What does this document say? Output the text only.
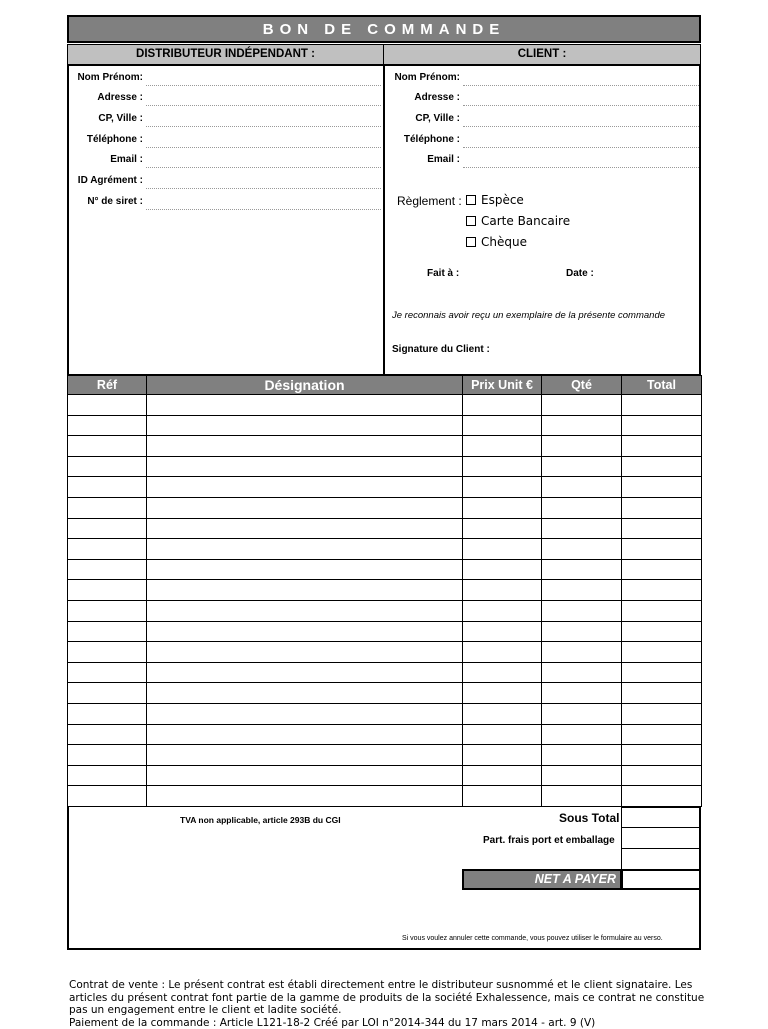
BON DE COMMANDE
DISTRIBUTEUR INDÉPENDANT :	CLIENT :
Nom Prénom:
Adresse :
CP, Ville :
Téléphone :
Email :
ID Agrément :
N° de siret :
Nom Prénom:
Adresse :
CP, Ville :
Téléphone :
Email :
Règlement :	Espèce
Carte Bancaire
Chèque
Fait à :	Date :
Je reconnais avoir reçu un exemplaire de la présente commande
Signature du Client :
Réf	Désignation	Prix Unit €	Qté	Total

TVA non applicable, article 293B du CGI	Sous Total
Part. frais port et emballage
NET A PAYER
Si vous voulez annuler cette commande, vous pouvez utiliser le formulaire au verso.
Contrat de vente : Le présent contrat est établi directement entre le distributeur susnommé et le client signataire. Les articles du présent contrat font partie de la gamme de produits de la société Exhalessence, mais ce contrat ne constitue pas un engagement entre le client et ladite société.
Paiement de la commande : Article L121-18-2 Créé par LOI n°2014-344 du 17 mars 2014 - art. 9 (V)
